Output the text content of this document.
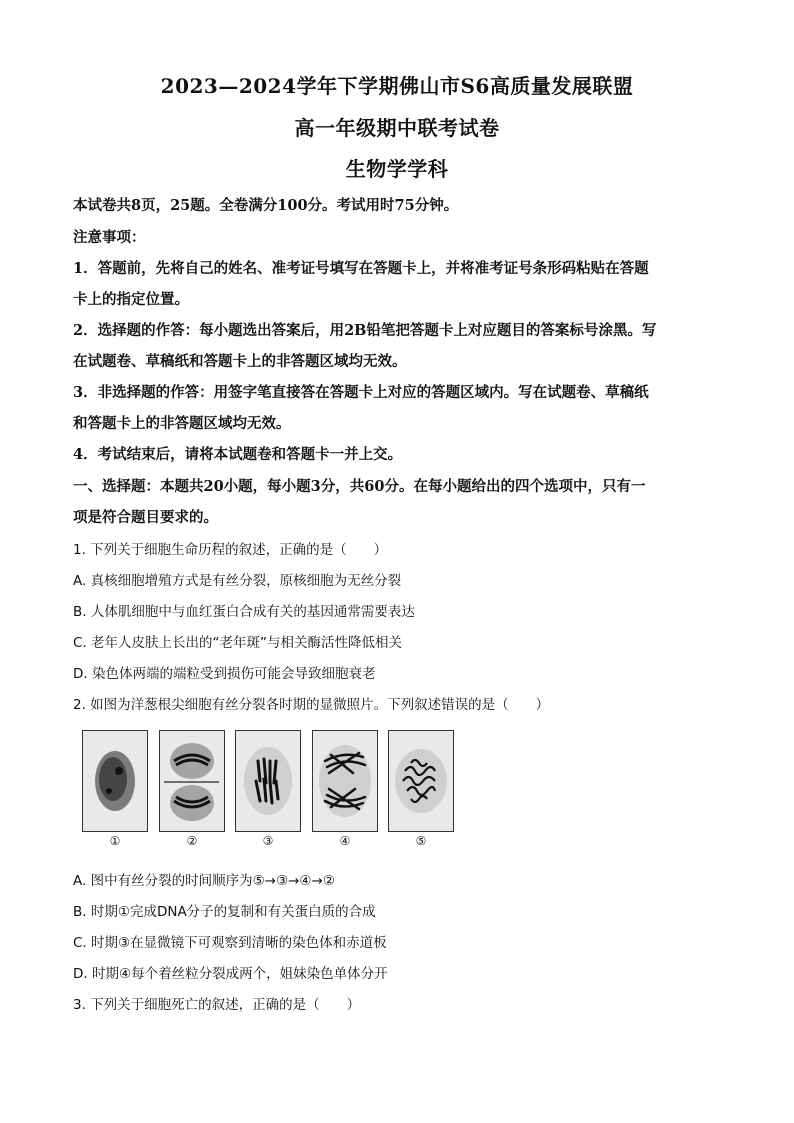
2023—2024学年下学期佛山市S6高质量发展联盟
高一年级期中联考试卷
生物学学科
本试卷共8页，25题。全卷满分100分。考试用时75分钟。
注意事项：
1．答题前，先将自己的姓名、准考证号填写在答题卡上，并将准考证号条形码粘贴在答题
卡上的指定位置。
2．选择题的作答：每小题选出答案后，用2B铅笔把答题卡上对应题目的答案标号涂黑。写
在试题卷、草稿纸和答题卡上的非答题区域均无效。
3．非选择题的作答：用签字笔直接答在答题卡上对应的答题区域内。写在试题卷、草稿纸
和答题卡上的非答题区域均无效。
4．考试结束后，请将本试题卷和答题卡一并上交。
一、选择题：本题共20小题，每小题3分，共60分。在每小题给出的四个选项中，只有一
项是符合题目要求的。
1. 下列关于细胞生命历程的叙述，正确的是（　　）
A. 真核细胞增殖方式是有丝分裂，原核细胞为无丝分裂
B. 人体肌细胞中与血红蛋白合成有关的基因通常需要表达
C. 老年人皮肤上长出的“老年斑”与相关酶活性降低相关
D. 染色体两端的端粒受到损伤可能会导致细胞衰老
2. 如图为洋葱根尖细胞有丝分裂各时期的显微照片。下列叙述错误的是（　　）
①	②	③	④	⑤
A. 图中有丝分裂的时间顺序为⑤→③→④→②
B. 时期①完成DNA分子的复制和有关蛋白质的合成
C. 时期③在显微镜下可观察到清晰的染色体和赤道板
D. 时期④每个着丝粒分裂成两个，姐妹染色单体分开
3. 下列关于细胞死亡的叙述，正确的是（　　）
